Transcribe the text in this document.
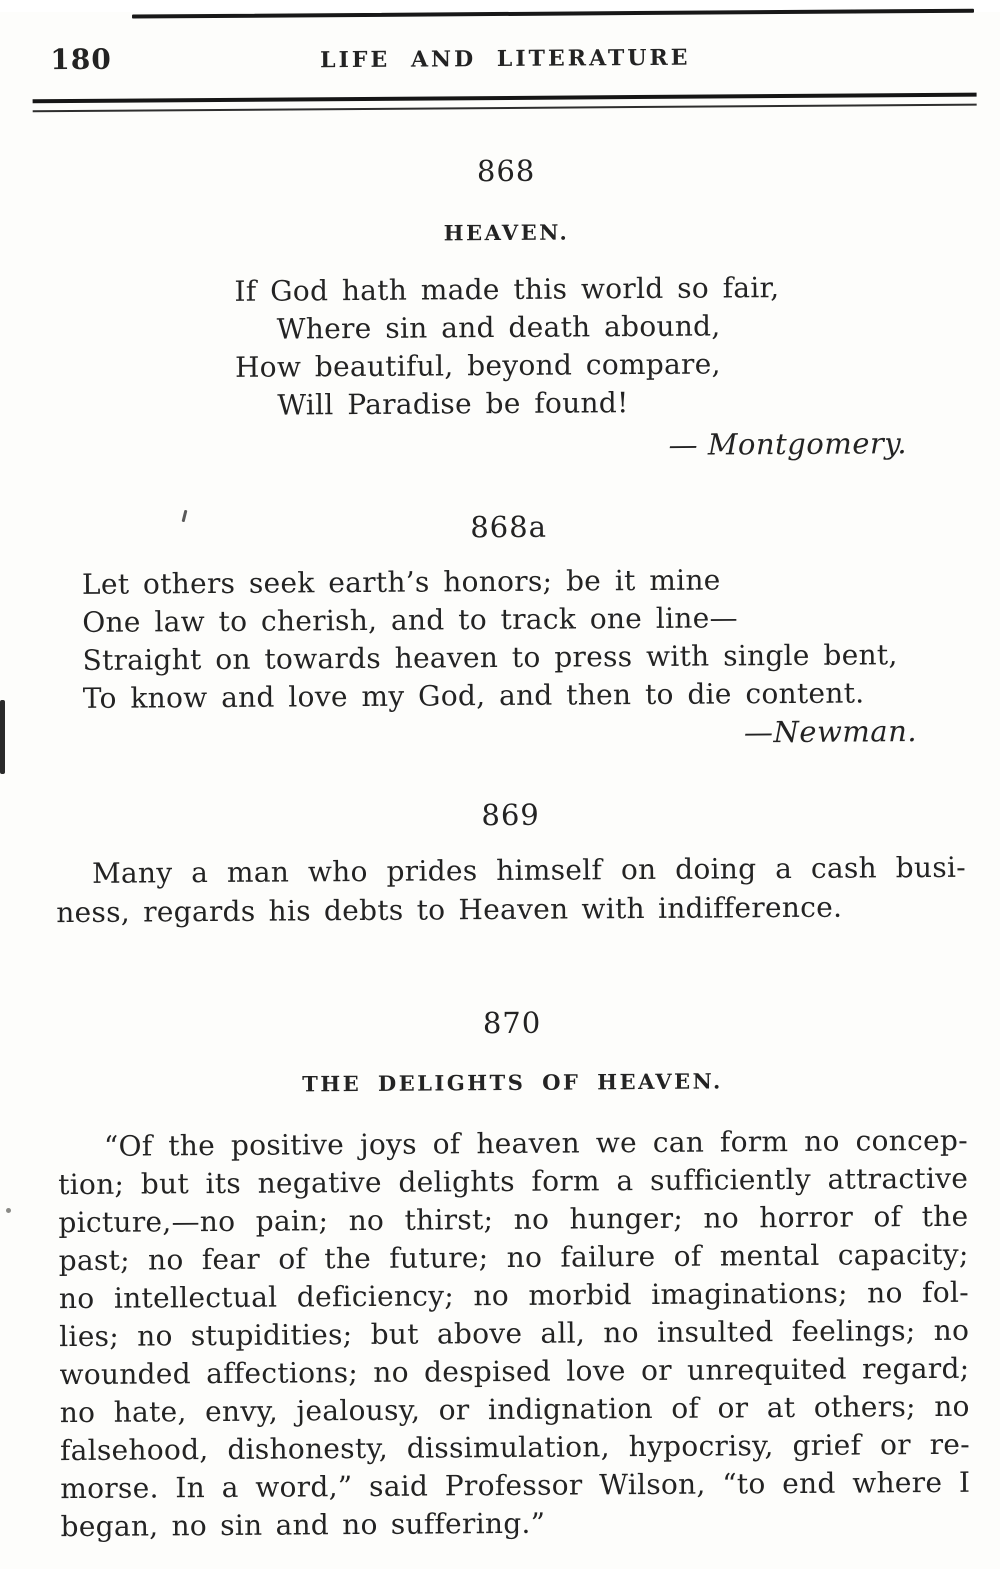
180	LIFE AND LITERATURE
868
HEAVEN.
If God hath made this world so fair,
Where sin and death abound,
How beautiful, beyond compare,
Will Paradise be found!
— Montgomery.
868a
Let others seek earth’s honors; be it mine
One law to cherish, and to track one line—
Straight on towards heaven to press with single bent,
To know and love my God, and then to die content.
—Newman.
869
Many a man who prides himself on doing a cash busi-
ness, regards his debts to Heaven with indifference.
870
THE DELIGHTS OF HEAVEN.
“Of the positive joys of heaven we can form no concep-
tion; but its negative delights form a sufficiently attractive
picture,—no pain; no thirst; no hunger; no horror of the
past; no fear of the future; no failure of mental capacity;
no intellectual deficiency; no morbid imaginations; no fol-
lies; no stupidities; but above all, no insulted feelings; no
wounded affections; no despised love or unrequited regard;
no hate, envy, jealousy, or indignation of or at others; no
falsehood, dishonesty, dissimulation, hypocrisy, grief or re-
morse. In a word,” said Professor Wilson, “to end where I
began, no sin and no suffering.”
